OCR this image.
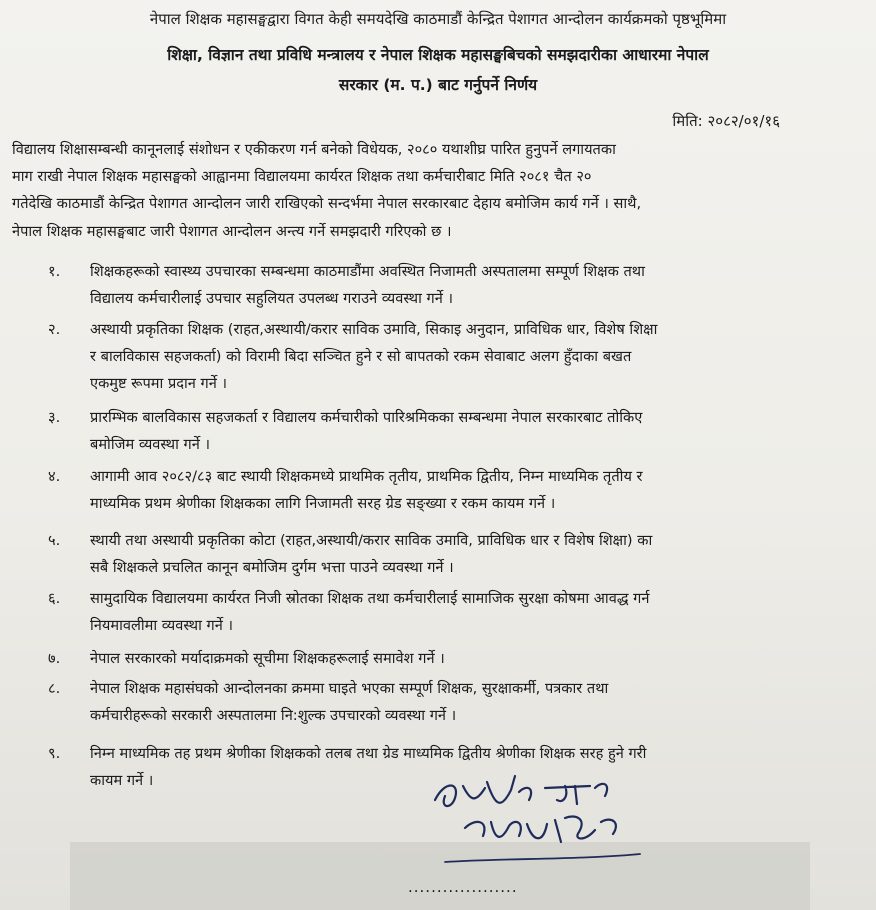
नेपाल शिक्षक महासङ्घद्वारा विगत केही समयदेखि काठमाडौं केन्द्रित पेशागत आन्दोलन कार्यक्रमको पृष्ठभूमिमा
शिक्षा, विज्ञान तथा प्रविधि मन्त्रालय र नेपाल शिक्षक महासङ्घबिचको समझदारीका आधारमा नेपाल
सरकार (म. प.) बाट गर्नुपर्ने निर्णय
मिति: २०८२/०१/१६
विद्यालय शिक्षासम्बन्धी कानूनलाई संशोधन र एकीकरण गर्न बनेको विधेयक, २०८० यथाशीघ्र पारित हुनुपर्ने लगायतका
माग राखी नेपाल शिक्षक महासङ्घको आह्वानमा विद्यालयमा कार्यरत शिक्षक तथा कर्मचारीबाट मिति २०८१ चैत २०
गतेदेखि काठमाडौं केन्द्रित पेशागत आन्दोलन जारी राखिएको सन्दर्भमा नेपाल सरकारबाट देहाय बमोजिम कार्य गर्ने । साथै,
नेपाल शिक्षक महासङ्घबाट जारी पेशागत आन्दोलन अन्त्य गर्ने समझदारी गरिएको छ ।
१.	शिक्षकहरूको स्वास्थ्य उपचारका सम्बन्धमा काठमाडौंमा अवस्थित निजामती अस्पतालमा सम्पूर्ण शिक्षक तथा
विद्यालय कर्मचारीलाई उपचार सहुलियत उपलब्ध गराउने व्यवस्था गर्ने ।
२.	अस्थायी प्रकृतिका शिक्षक (राहत,अस्थायी/करार साविक उमावि, सिकाइ अनुदान, प्राविधिक धार, विशेष शिक्षा
र बालविकास सहजकर्ता) को विरामी बिदा सञ्चित हुने र सो बापतको रकम सेवाबाट अलग हुँदाका बखत
एकमुष्ट रूपमा प्रदान गर्ने ।
३.	प्रारम्भिक बालविकास सहजकर्ता र विद्यालय कर्मचारीको पारिश्रमिकका सम्बन्धमा नेपाल सरकारबाट तोकिए
बमोजिम व्यवस्था गर्ने ।
४.	आगामी आव २०८२/८३ बाट स्थायी शिक्षकमध्ये प्राथमिक तृतीय, प्राथमिक द्वितीय, निम्न माध्यमिक तृतीय र
माध्यमिक प्रथम श्रेणीका शिक्षकका लागि निजामती सरह ग्रेड सङ्ख्या र रकम कायम गर्ने ।
५.	स्थायी तथा अस्थायी प्रकृतिका कोटा (राहत,अस्थायी/करार साविक उमावि, प्राविधिक धार र विशेष शिक्षा) का
सबै शिक्षकले प्रचलित कानून बमोजिम दुर्गम भत्ता पाउने व्यवस्था गर्ने ।
६.	सामुदायिक विद्यालयमा कार्यरत निजी स्रोतका शिक्षक तथा कर्मचारीलाई सामाजिक सुरक्षा कोषमा आवद्ध गर्न
नियमावलीमा व्यवस्था गर्ने ।
७.	नेपाल सरकारको मर्यादाक्रमको सूचीमा शिक्षकहरूलाई समावेश गर्ने ।
८.	नेपाल शिक्षक महासंघको आन्दोलनका क्रममा घाइते भएका सम्पूर्ण शिक्षक, सुरक्षाकर्मी, पत्रकार तथा
कर्मचारीहरूको सरकारी अस्पतालमा नि:शुल्क उपचारको व्यवस्था गर्ने ।
९.	निम्न माध्यमिक तह प्रथम श्रेणीका शिक्षकको तलब तथा ग्रेड माध्यमिक द्वितीय श्रेणीका शिक्षक सरह हुने गरी
कायम गर्ने ।
...................
